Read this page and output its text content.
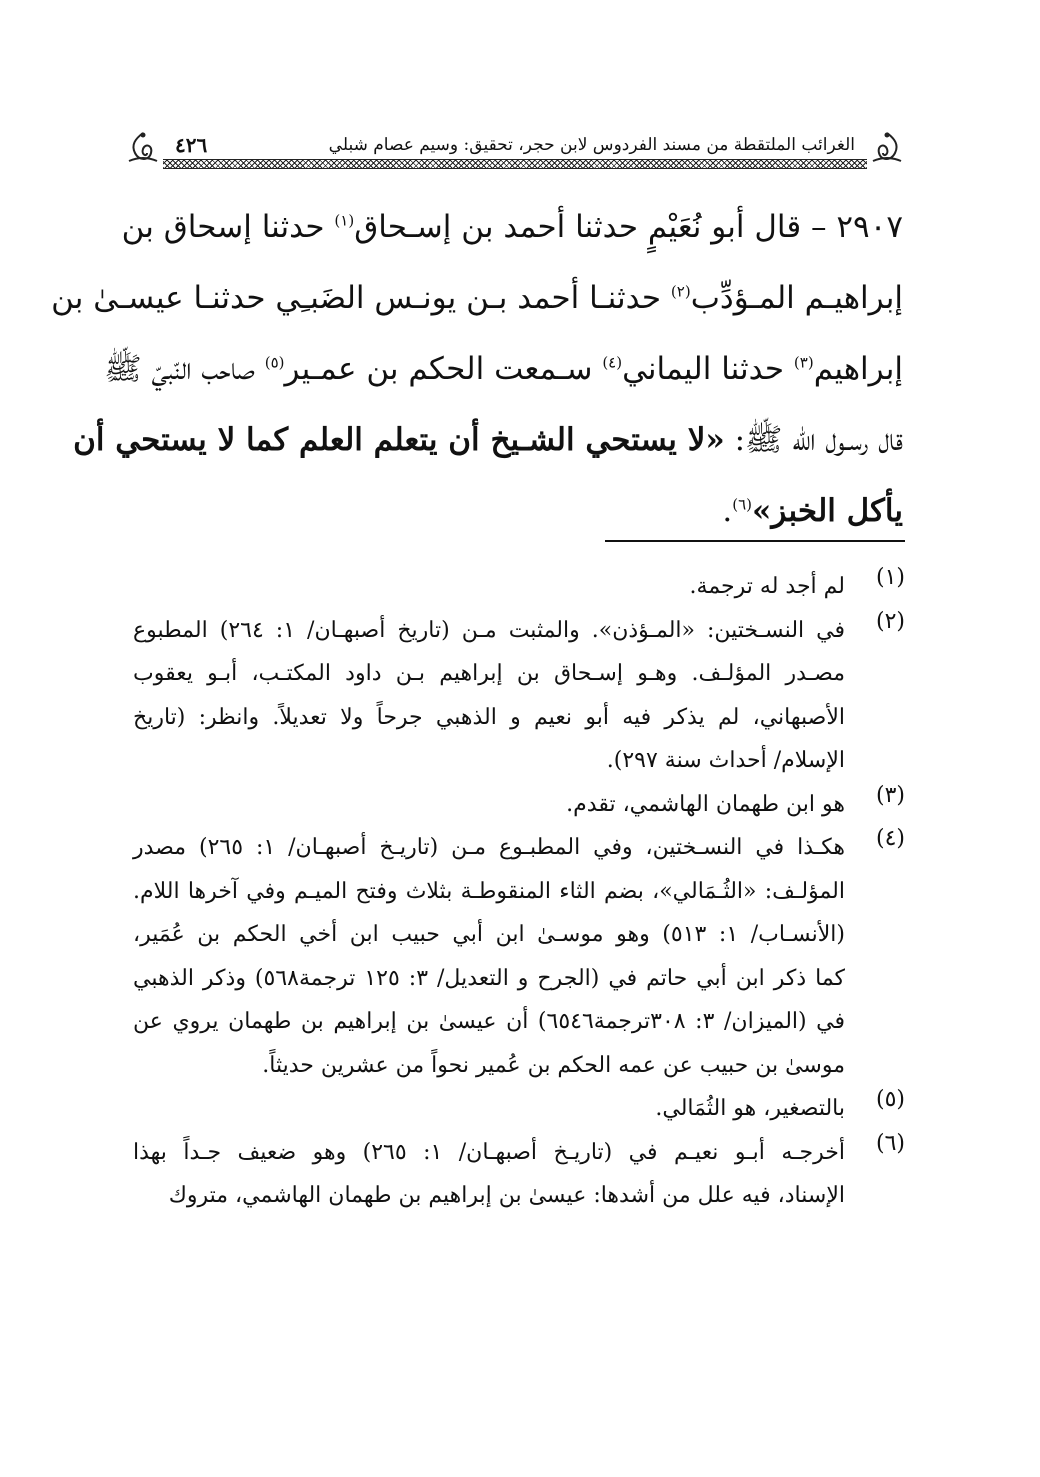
الغرائب الملتقطة من مسند الفردوس لابن حجر، تحقيق: وسيم عصام شبلي
٤٢٦
٢٩٠٧ – قال أبو نُعَيْمٍ حدثنا أحمد بن إسـحاق$^{(١)}$ حدثنا إسحاق بن
إبراهيـم المـؤدِّب$^{(٢)}$ حدثنـا أحمد بـن يونـس الضَبـِي حدثنـا عيسـىٰ بن
إبراهيم$^{(٣)}$ حدثنا اليماني$^{(٤)}$ سـمعت الحكم بن عمـير$^{(٥)}$ صاحب النّبيّ ﷺ
قال رسـول الله ﷺ: «لا يستحي الشـيخ أن يتعلم العلم كما لا يستحي أن
يأكل الخبز»$^{(٦)}$.
(١)
لم أجد له ترجمة.
(٢)
في النسـختين: «المـؤذن». والمثبت مـن (تاريخ أصبهـان/ ١: ٢٦٤) المطبوع
مصـدر المؤلـف. وهـو إسـحاق بن إبراهيم بـن داود المكتـب، أبـو يعقوب
الأصبهاني، لم يذكر فيه أبو نعيم و الذهبي جرحاً ولا تعديلاً. وانظر: (تاريخ
الإسلام/ أحداث سنة ٢٩٧).
(٣)
هو ابن طهمان الهاشمي، تقدم.
(٤)
هكـذا في النسـختين، وفي المطبـوع مـن (تاريـخ أصبهـان/ ١: ٢٦٥) مصدر
المؤلـف: «الثُـمَالي»، بضم الثاء المنقوطـة بثلاث وفتح الميـم وفي آخرها اللام.
(الأنسـاب/ ١: ٥١٣) وهو موسـىٰ ابن أبي حبيب ابن أخي الحكم بن عُمَير،
كما ذكر ابن أبي حاتم في (الجرح و التعديل/ ٣: ١٢٥ ترجمة٥٦٨) وذكر الذهبي
في (الميزان/ ٣: ٣٠٨ترجمة٦٥٤٦) أن عيسىٰ بن إبراهيم بن طهمان يروي عن
موسىٰ بن حبيب عن عمه الحكم بن عُمير نحواً من عشرين حديثاً.
(٥)
بالتصغير، هو الثُمَالي.
(٦)
أخرجـه أبـو نعيـم في (تاريـخ أصبهـان/ ١: ٢٦٥) وهو ضعيف جـداً بهذا
الإسناد، فيه علل من أشدها: عيسىٰ بن إبراهيم بن طهمان الهاشمي، متروك
